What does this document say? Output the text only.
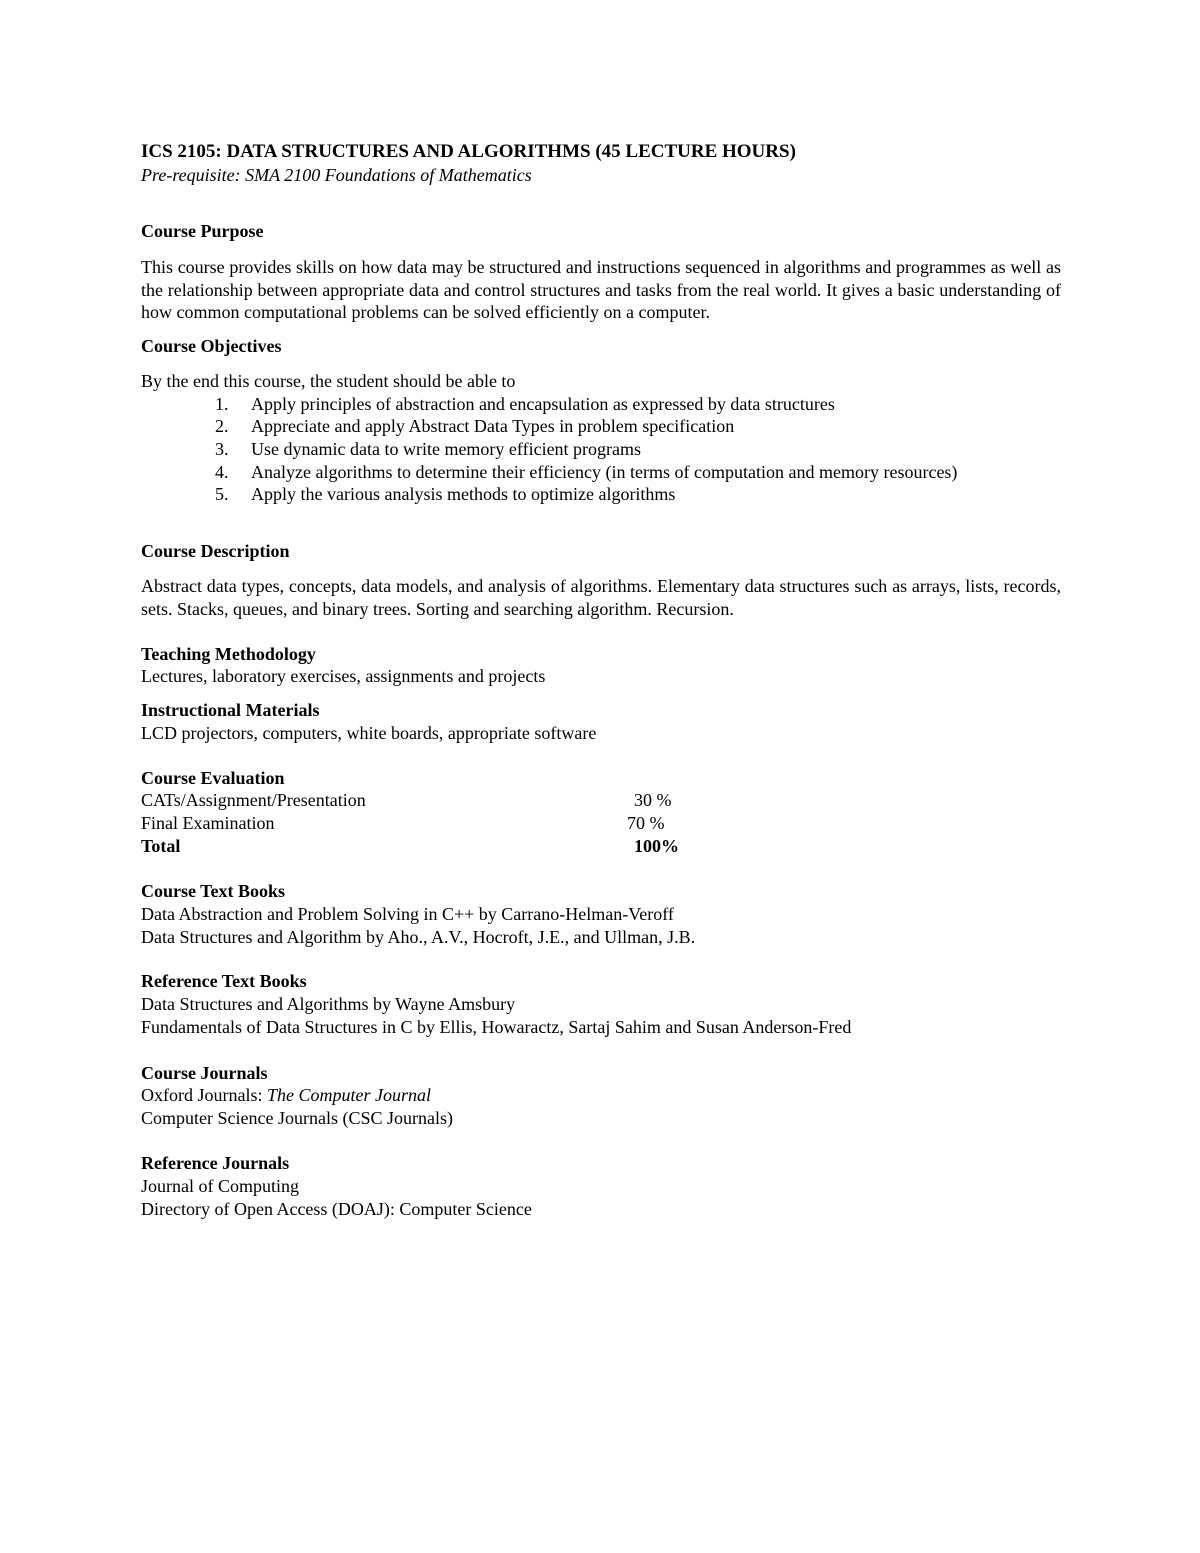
ICS 2105: DATA STRUCTURES AND ALGORITHMS (45 LECTURE HOURS)
Pre-requisite: SMA 2100 Foundations of Mathematics
Course Purpose
This course provides skills on how data may be structured and instructions sequenced in algorithms and programmes as well as the relationship between appropriate data and control structures and tasks from the real world. It gives a basic understanding of how common computational problems can be solved efficiently on a computer.
Course Objectives
By the end this course, the student should be able to
1. Apply principles of abstraction and encapsulation as expressed by data structures
2. Appreciate and apply Abstract Data Types in problem specification
3. Use dynamic data to write memory efficient programs
4. Analyze algorithms to determine their efficiency (in terms of computation and memory resources)
5. Apply the various analysis methods to optimize algorithms
Course Description
Abstract data types, concepts, data models, and analysis of algorithms. Elementary data structures such as arrays, lists, records, sets. Stacks, queues, and binary trees. Sorting and searching algorithm. Recursion.
Teaching Methodology
Lectures, laboratory exercises, assignments and projects
Instructional Materials
LCD projectors, computers, white boards, appropriate software
Course Evaluation
CATs/Assignment/Presentation	30 %
Final Examination	70 %
Total	100%
Course Text Books
Data Abstraction and Problem Solving in C++ by Carrano-Helman-Veroff
Data Structures and Algorithm by Aho., A.V., Hocroft, J.E., and Ullman, J.B.
Reference Text Books
Data Structures and Algorithms by Wayne Amsbury
Fundamentals of Data Structures in C by Ellis, Howaractz, Sartaj Sahim and Susan Anderson-Fred
Course Journals
Oxford Journals: The Computer Journal
Computer Science Journals (CSC Journals)
Reference Journals
Journal of Computing
Directory of Open Access (DOAJ): Computer Science
